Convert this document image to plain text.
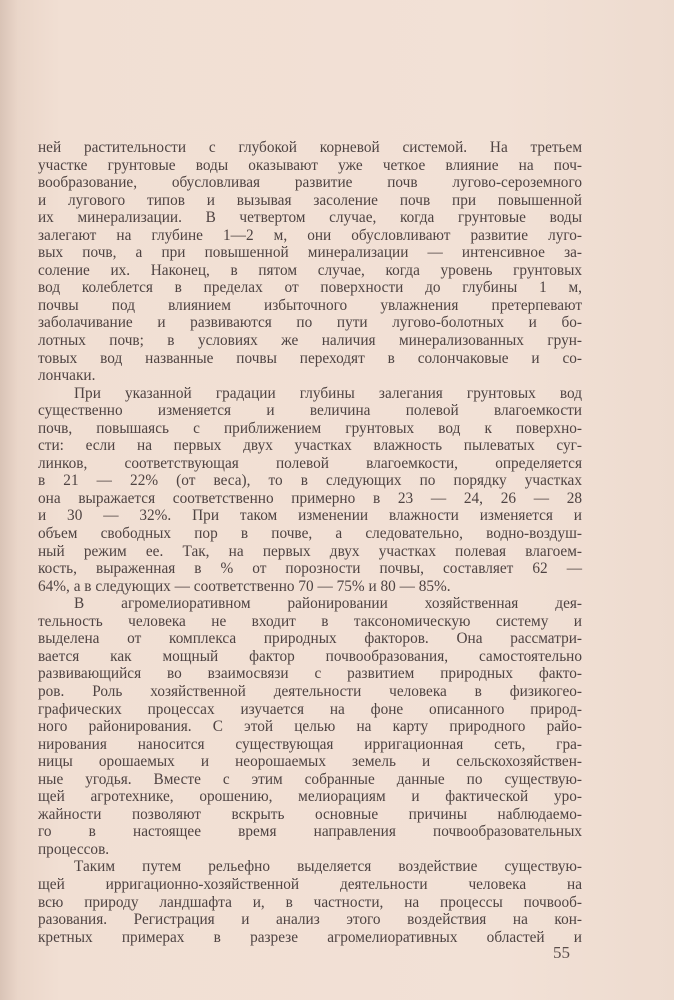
ней растительности с глубокой корневой системой. На третьем
участке грунтовые воды оказывают уже четкое влияние на поч-
вообразование, обусловливая развитие почв лугово-сероземного
и лугового типов и вызывая засоление почв при повышенной
их минерализации. В четвертом случае, когда грунтовые воды
залегают на глубине 1—2 м, они обусловливают развитие луго-
вых почв, а при повышенной минерализации — интенсивное за-
соление их. Наконец, в пятом случае, когда уровень грунтовых
вод колеблется в пределах от поверхности до глубины 1 м,
почвы под влиянием избыточного увлажнения претерпевают
заболачивание и развиваются по пути лугово-болотных и бо-
лотных почв; в условиях же наличия минерализованных грун-
товых вод названные почвы переходят в солончаковые и со-
лончаки.
При указанной градации глубины залегания грунтовых вод
существенно изменяется и величина полевой влагоемкости
почв, повышаясь с приближением грунтовых вод к поверхно-
сти: если на первых двух участках влажность пылеватых суг-
линков, соответствующая полевой влагоемкости, определяется
в 21 — 22% (от веса), то в следующих по порядку участках
она выражается соответственно примерно в 23 — 24, 26 — 28
и 30 — 32%. При таком изменении влажности изменяется и
объем свободных пор в почве, а следовательно, водно-воздуш-
ный режим ее. Так, на первых двух участках полевая влагоем-
кость, выраженная в % от порозности почвы, составляет 62 —
64%, а в следующих — соответственно 70 — 75% и 80 — 85%.
В агромелиоративном районировании хозяйственная дея-
тельность человека не входит в таксономическую систему и
выделена от комплекса природных факторов. Она рассматри-
вается как мощный фактор почвообразования, самостоятельно
развивающийся во взаимосвязи с развитием природных факто-
ров. Роль хозяйственной деятельности человека в физикогео-
графических процессах изучается на фоне описанного природ-
ного районирования. С этой целью на карту природного райо-
нирования наносится существующая ирригационная сеть, гра-
ницы орошаемых и неорошаемых земель и сельскохозяйствен-
ные угодья. Вместе с этим собранные данные по существую-
щей агротехнике, орошению, мелиорациям и фактической уро-
жайности позволяют вскрыть основные причины наблюдаемо-
го в настоящее время направления почвообразовательных
процессов.
Таким путем рельефно выделяется воздействие существую-
щей ирригационно-хозяйственной деятельности человека на
всю природу ландшафта и, в частности, на процессы почвооб-
разования. Регистрация и анализ этого воздействия на кон-
кретных примерах в разрезе агромелиоративных областей и
55
